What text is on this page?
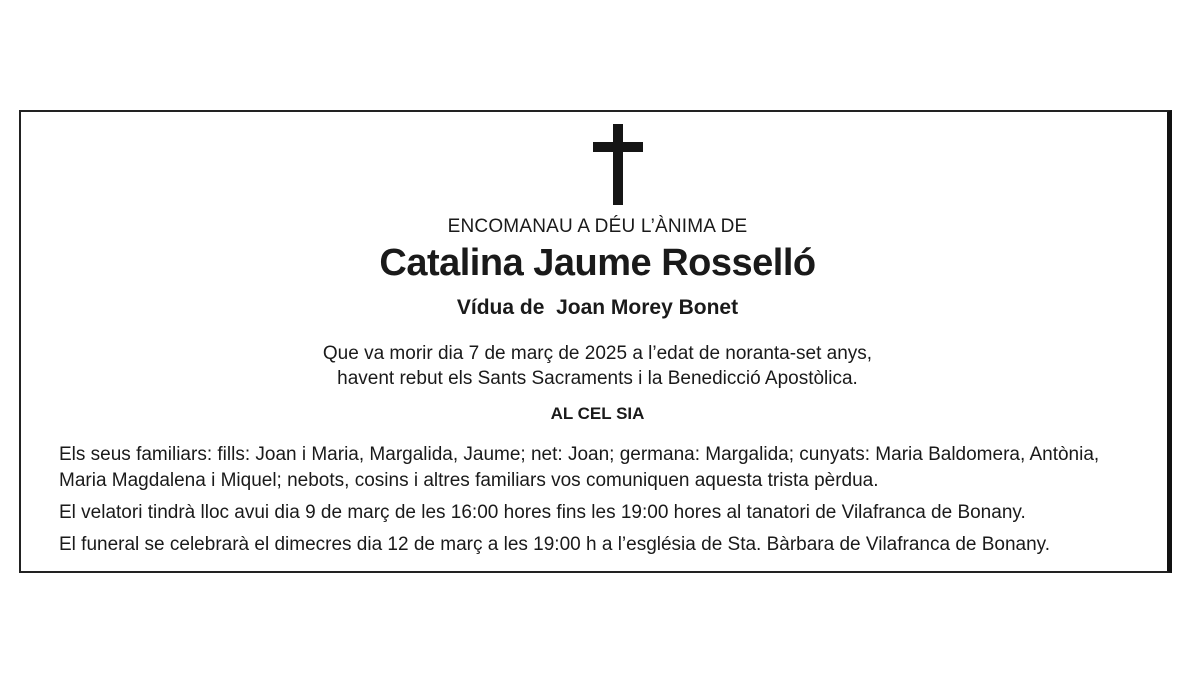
ENCOMANAU A DÉU L’ÀNIMA DE
Catalina Jaume Rosselló
Vídua de  Joan Morey Bonet
Que va morir dia 7 de març de 2025 a l’edat de noranta-set anys,
havent rebut els Sants Sacraments i la Benedicció Apostòlica.
AL CEL SIA
Els seus familiars: fills: Joan i Maria, Margalida, Jaume; net: Joan; germana: Margalida; cunyats: Maria Baldomera, Antònia,
Maria Magdalena i Miquel; nebots, cosins i altres familiars vos comuniquen aquesta trista pèrdua.
El velatori tindrà lloc avui dia 9 de març de les 16:00 hores fins les 19:00 hores al tanatori de Vilafranca de Bonany.
El funeral se celebrarà el dimecres dia 12 de març a les 19:00 h a l’església de Sta. Bàrbara de Vilafranca de Bonany.
